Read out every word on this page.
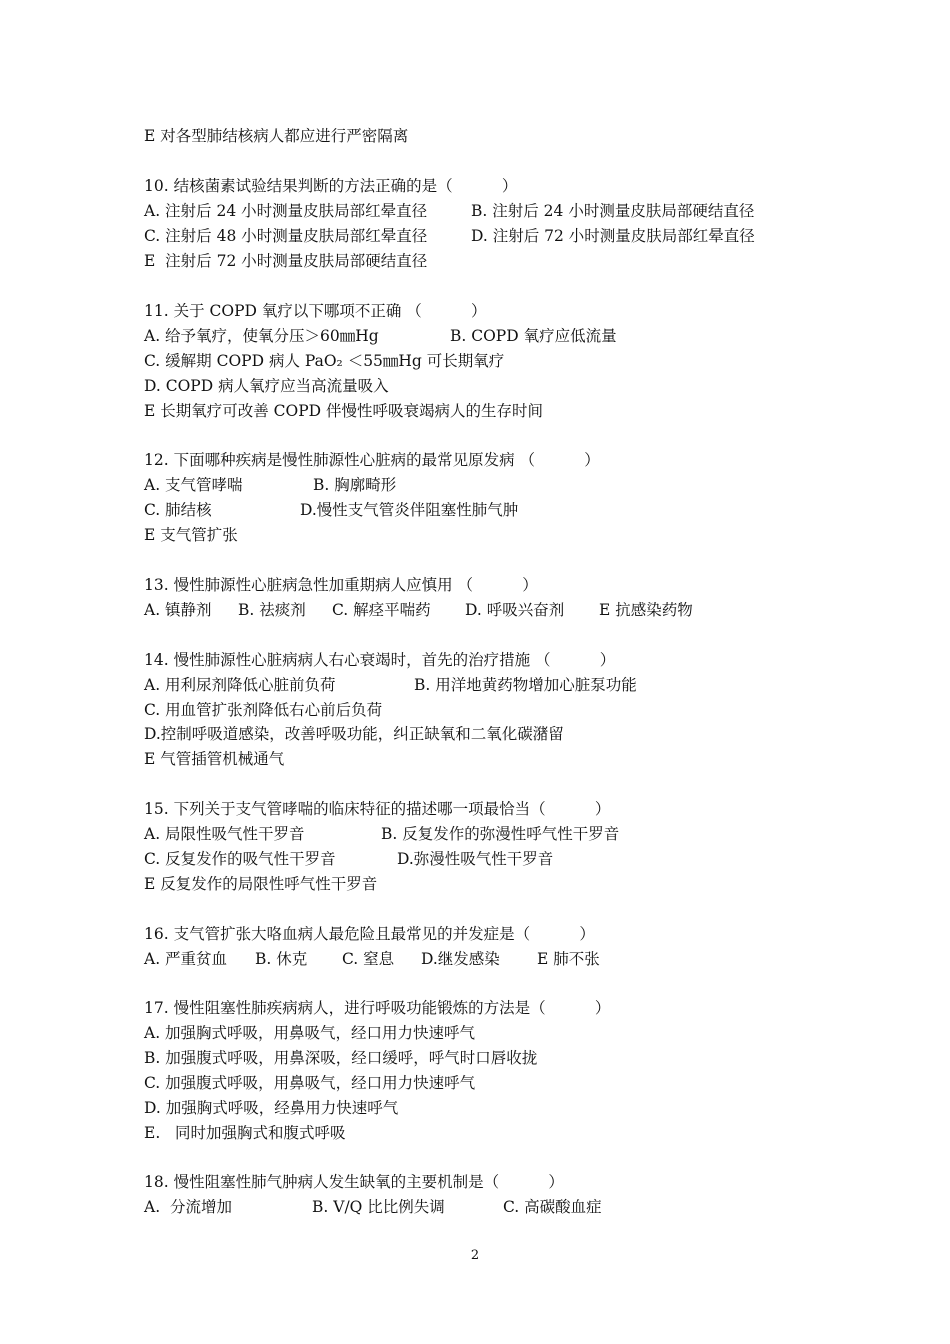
E 对各型肺结核病人都应进行严密隔离
10. 结核菌素试验结果判断的方法正确的是（          ）
A. 注射后 24 小时测量皮肤局部红晕直径	B. 注射后 24 小时测量皮肤局部硬结直径
C. 注射后 48 小时测量皮肤局部红晕直径	D. 注射后 72 小时测量皮肤局部红晕直径
E  注射后 72 小时测量皮肤局部硬结直径
11. 关于 COPD 氧疗以下哪项不正确 （          ）
A. 给予氧疗，使氧分压＞60㎜Hg	B. COPD 氧疗应低流量
C. 缓解期 COPD 病人 PaO₂ ＜55㎜Hg 可长期氧疗
D. COPD 病人氧疗应当高流量吸入
E 长期氧疗可改善 COPD 伴慢性呼吸衰竭病人的生存时间
12. 下面哪种疾病是慢性肺源性心脏病的最常见原发病 （          ）
A. 支气管哮喘	B. 胸廓畸形
C. 肺结核	D.慢性支气管炎伴阻塞性肺气肿
E 支气管扩张
13. 慢性肺源性心脏病急性加重期病人应慎用 （          ）
A. 镇静剂 B. 祛痰剂 C. 解痉平喘药 D. 呼吸兴奋剂 E 抗感染药物
14. 慢性肺源性心脏病病人右心衰竭时，首先的治疗措施 （          ）
A. 用利尿剂降低心脏前负荷	B. 用洋地黄药物增加心脏泵功能
C. 用血管扩张剂降低右心前后负荷
D.控制呼吸道感染，改善呼吸功能，纠正缺氧和二氧化碳潴留
E 气管插管机械通气
15. 下列关于支气管哮喘的临床特征的描述哪一项最恰当（          ）
A. 局限性吸气性干罗音	B. 反复发作的弥漫性呼气性干罗音
C. 反复发作的吸气性干罗音	D.弥漫性吸气性干罗音
E 反复发作的局限性呼气性干罗音
16. 支气管扩张大咯血病人最危险且最常见的并发症是（          ）
A. 严重贫血 B. 休克 C. 窒息 D.继发感染 E 肺不张
17. 慢性阻塞性肺疾病病人，进行呼吸功能锻炼的方法是（          ）
A. 加强胸式呼吸，用鼻吸气，经口用力快速呼气
B. 加强腹式呼吸，用鼻深吸，经口缓呼，呼气时口唇收拢
C. 加强腹式呼吸，用鼻吸气，经口用力快速呼气
D. 加强胸式呼吸，经鼻用力快速呼气
E.   同时加强胸式和腹式呼吸
18. 慢性阻塞性肺气肿病人发生缺氧的主要机制是（          ）
A.  分流增加	B. V/Q 比比例失调	C. 高碳酸血症
2
